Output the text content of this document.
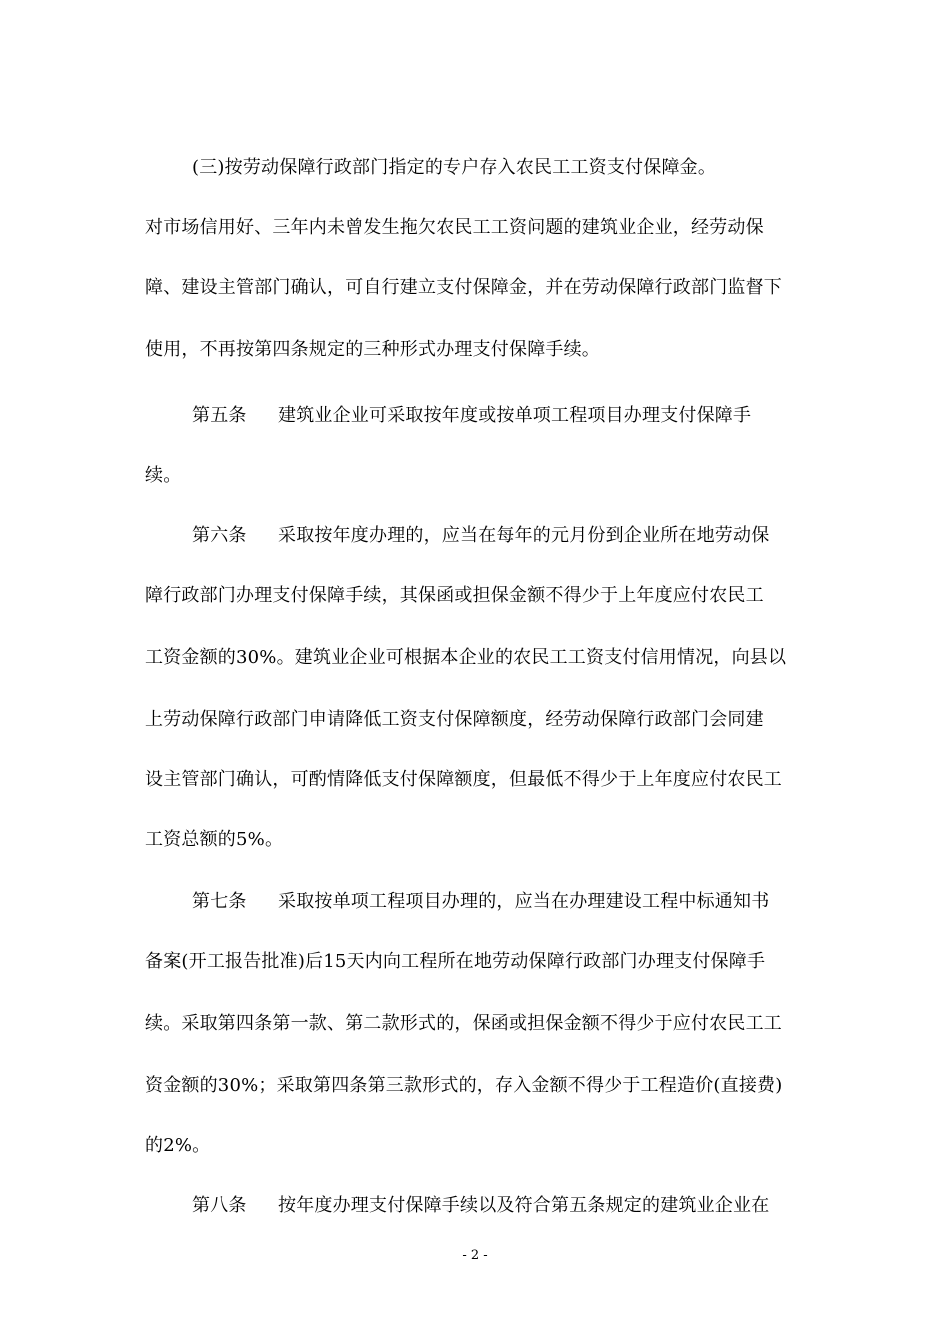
(三)按劳动保障行政部门指定的专户存入农民工工资支付保障金。
对市场信用好、三年内未曾发生拖欠农民工工资问题的建筑业企业，经劳动保
障、建设主管部门确认，可自行建立支付保障金，并在劳动保障行政部门监督下
使用，不再按第四条规定的三种形式办理支付保障手续。
第五条 建筑业企业可采取按年度或按单项工程项目办理支付保障手
续。
第六条 采取按年度办理的，应当在每年的元月份到企业所在地劳动保
障行政部门办理支付保障手续，其保函或担保金额不得少于上年度应付农民工
工资金额的30%。建筑业企业可根据本企业的农民工工资支付信用情况，向县以
上劳动保障行政部门申请降低工资支付保障额度，经劳动保障行政部门会同建
设主管部门确认，可酌情降低支付保障额度，但最低不得少于上年度应付农民工
工资总额的5%。
第七条 采取按单项工程项目办理的，应当在办理建设工程中标通知书
备案(开工报告批准)后15天内向工程所在地劳动保障行政部门办理支付保障手
续。采取第四条第一款、第二款形式的，保函或担保金额不得少于应付农民工工
资金额的30%；采取第四条第三款形式的，存入金额不得少于工程造价(直接费)
的2%。
第八条 按年度办理支付保障手续以及符合第五条规定的建筑业企业在
- 2 -
